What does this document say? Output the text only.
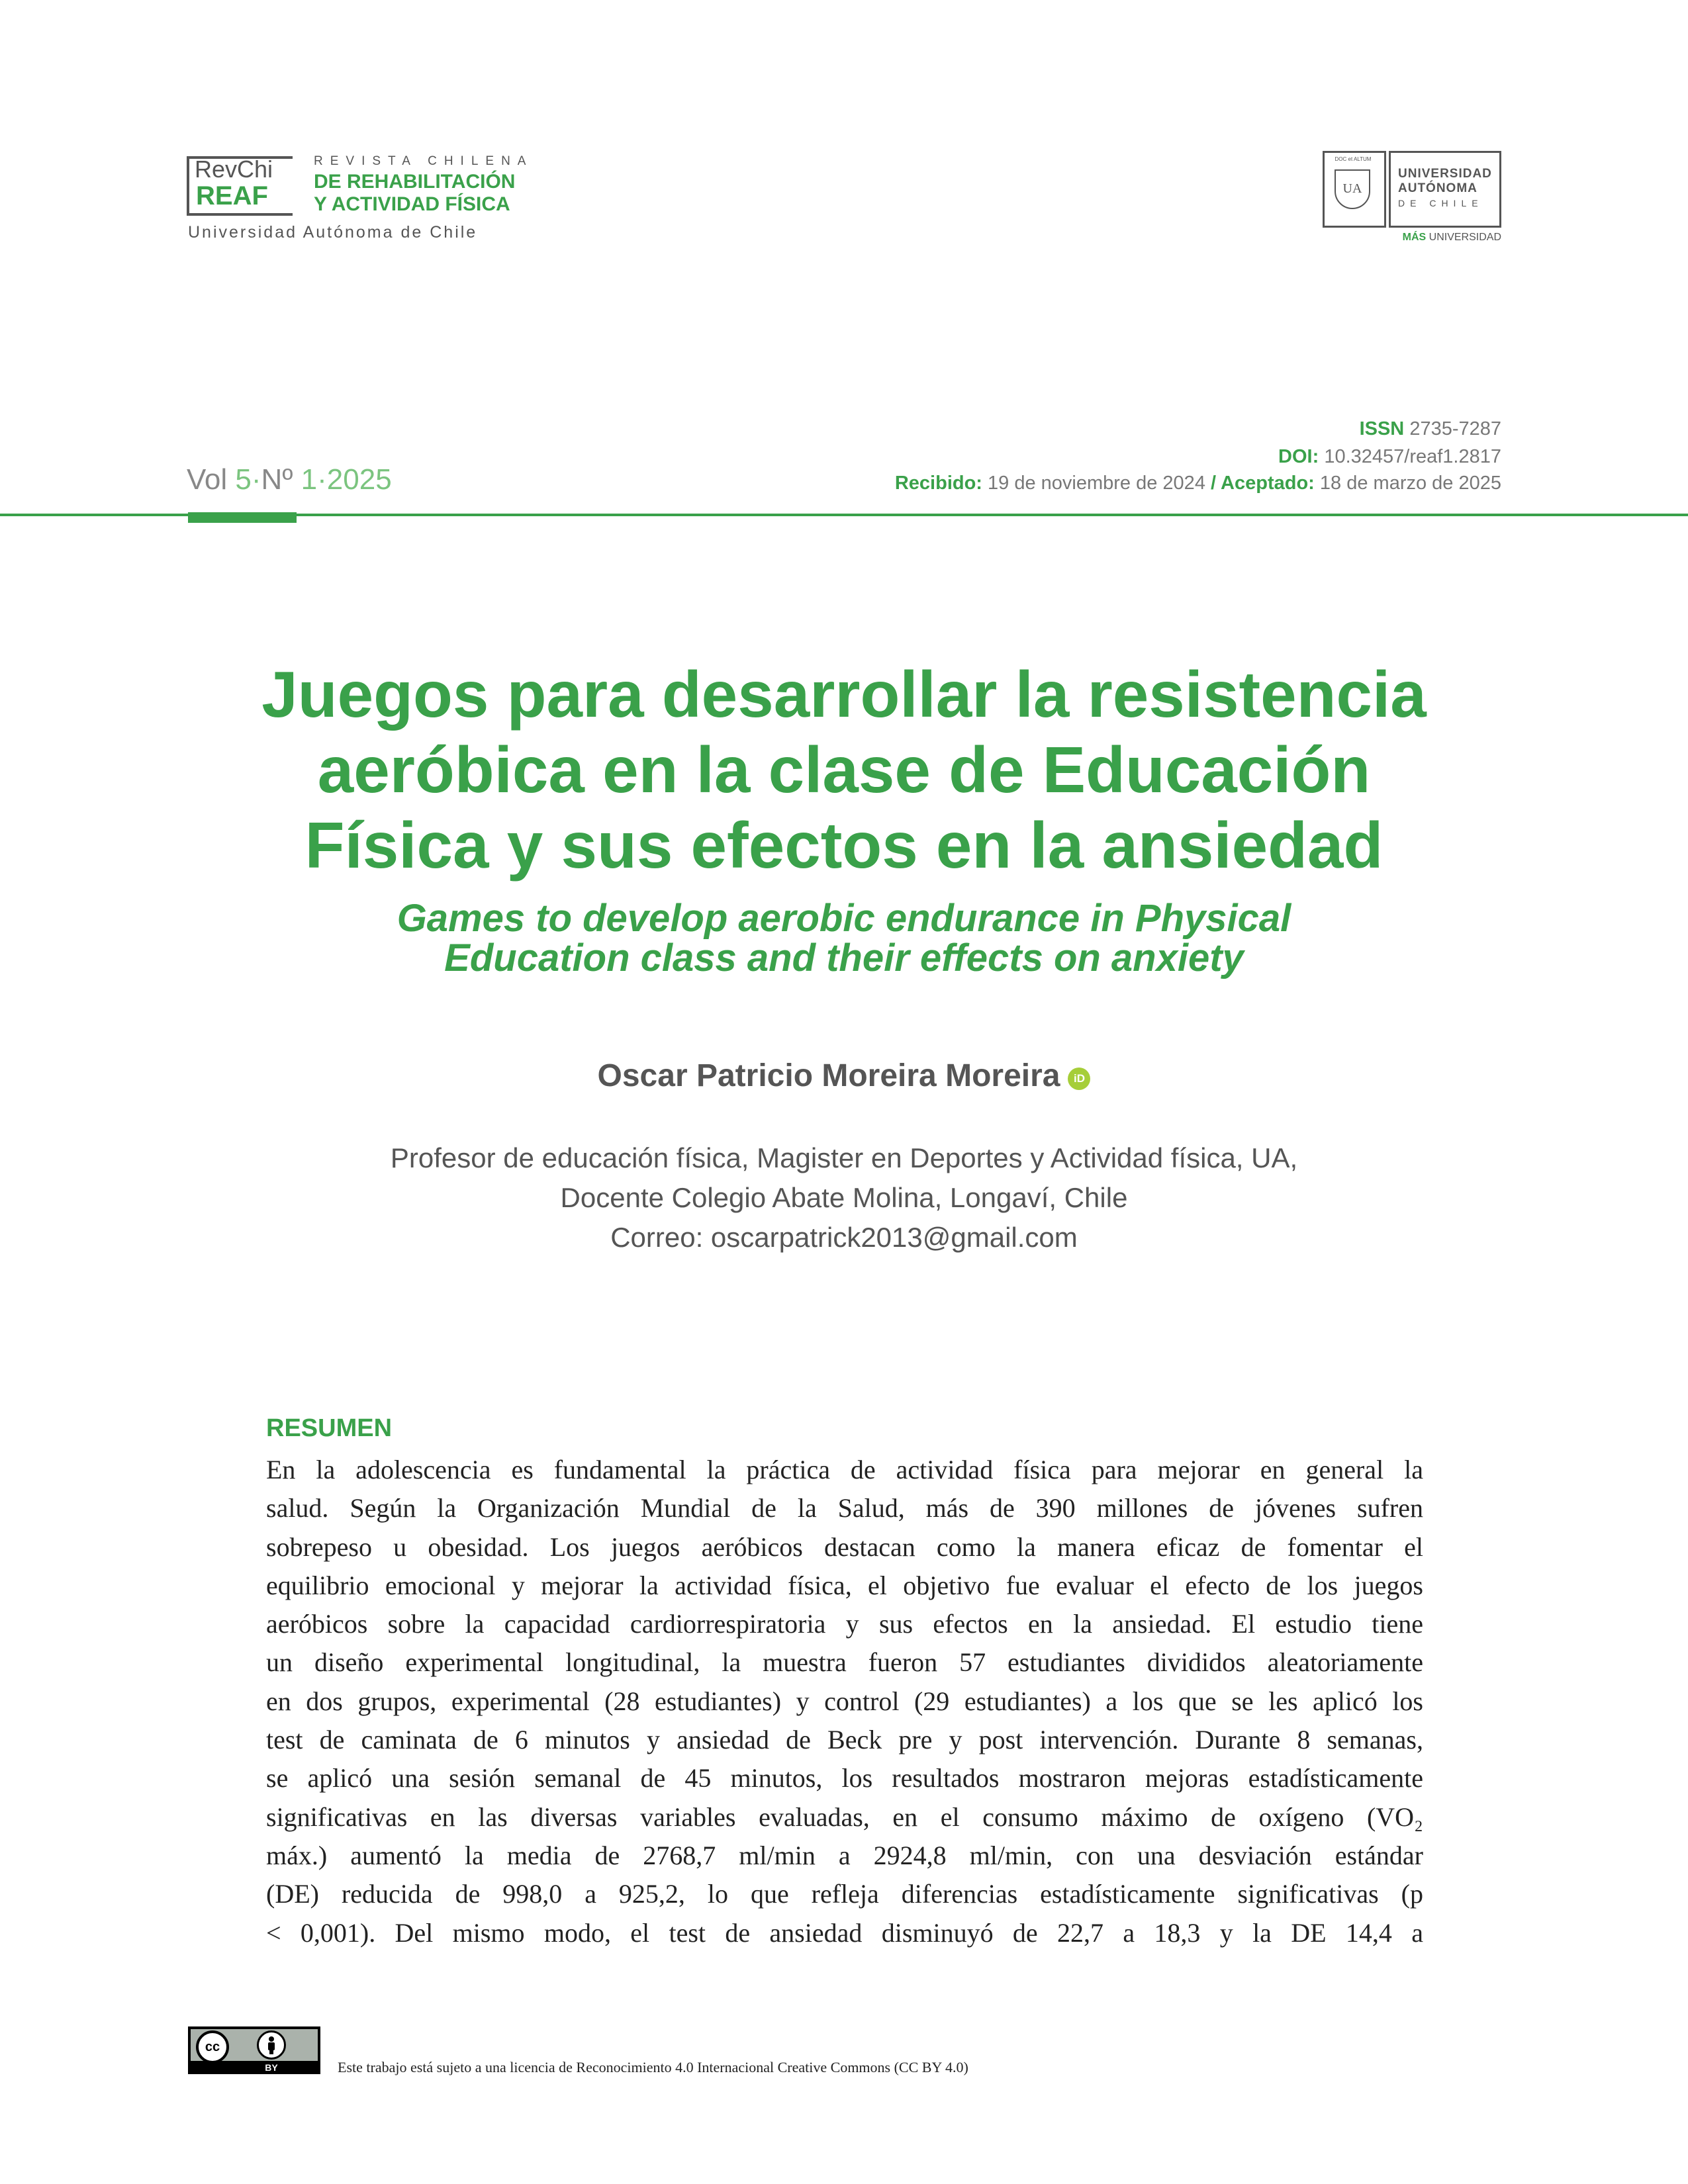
RevChi
REAF
REVISTA CHILENA
DE REHABILITACIÓN
Y ACTIVIDAD FÍSICA
Universidad Autónoma de Chile
DOC et ALTUM
UA
UNIVERSIDAD
AUTÓNOMA
DE CHILE
MÁS UNIVERSIDAD
ISSN 2735-7287
DOI: 10.32457/reaf1.2817
Recibido: 19 de noviembre de 2024 / Aceptado: 18 de marzo de 2025
Vol 5·Nº 1·2025
Juegos para desarrollar la resistencia
aeróbica en la clase de Educación
Física y sus efectos en la ansiedad
Games to develop aerobic endurance in Physical
Education class and their effects on anxiety
Oscar Patricio Moreira Moreira iD
Profesor de educación física, Magister en Deportes y Actividad física, UA,
Docente Colegio Abate Molina, Longaví, Chile
Correo: oscarpatrick2013@gmail.com
RESUMEN
En la adolescencia es fundamental la práctica de actividad física para mejorar en general la
salud. Según la Organización Mundial de la Salud, más de 390 millones de jóvenes sufren
sobrepeso u obesidad. Los juegos aeróbicos destacan como la manera eficaz de fomentar el
equilibrio emocional y mejorar la actividad física, el objetivo fue evaluar el efecto de los juegos
aeróbicos sobre la capacidad cardiorrespiratoria y sus efectos en la ansiedad. El estudio tiene
un diseño experimental longitudinal, la muestra fueron 57 estudiantes divididos aleatoriamente
en dos grupos, experimental (28 estudiantes) y control (29 estudiantes) a los que se les aplicó los
test de caminata de 6 minutos y ansiedad de Beck pre y post intervención. Durante 8 semanas,
se aplicó una sesión semanal de 45 minutos, los resultados mostraron mejoras estadísticamente
significativas en las diversas variables evaluadas, en el consumo máximo de oxígeno (VO₂
máx.) aumentó la media de 2768,7 ml/min a 2924,8 ml/min, con una desviación estándar
(DE) reducida de 998,0 a 925,2, lo que refleja diferencias estadísticamente significativas (p
< 0,001). Del mismo modo, el test de ansiedad disminuyó de 22,7 a 18,3 y la DE 14,4 a
cc
BY	Este trabajo está sujeto a una licencia de Reconocimiento 4.0 Internacional Creative Commons (CC BY 4.0)
